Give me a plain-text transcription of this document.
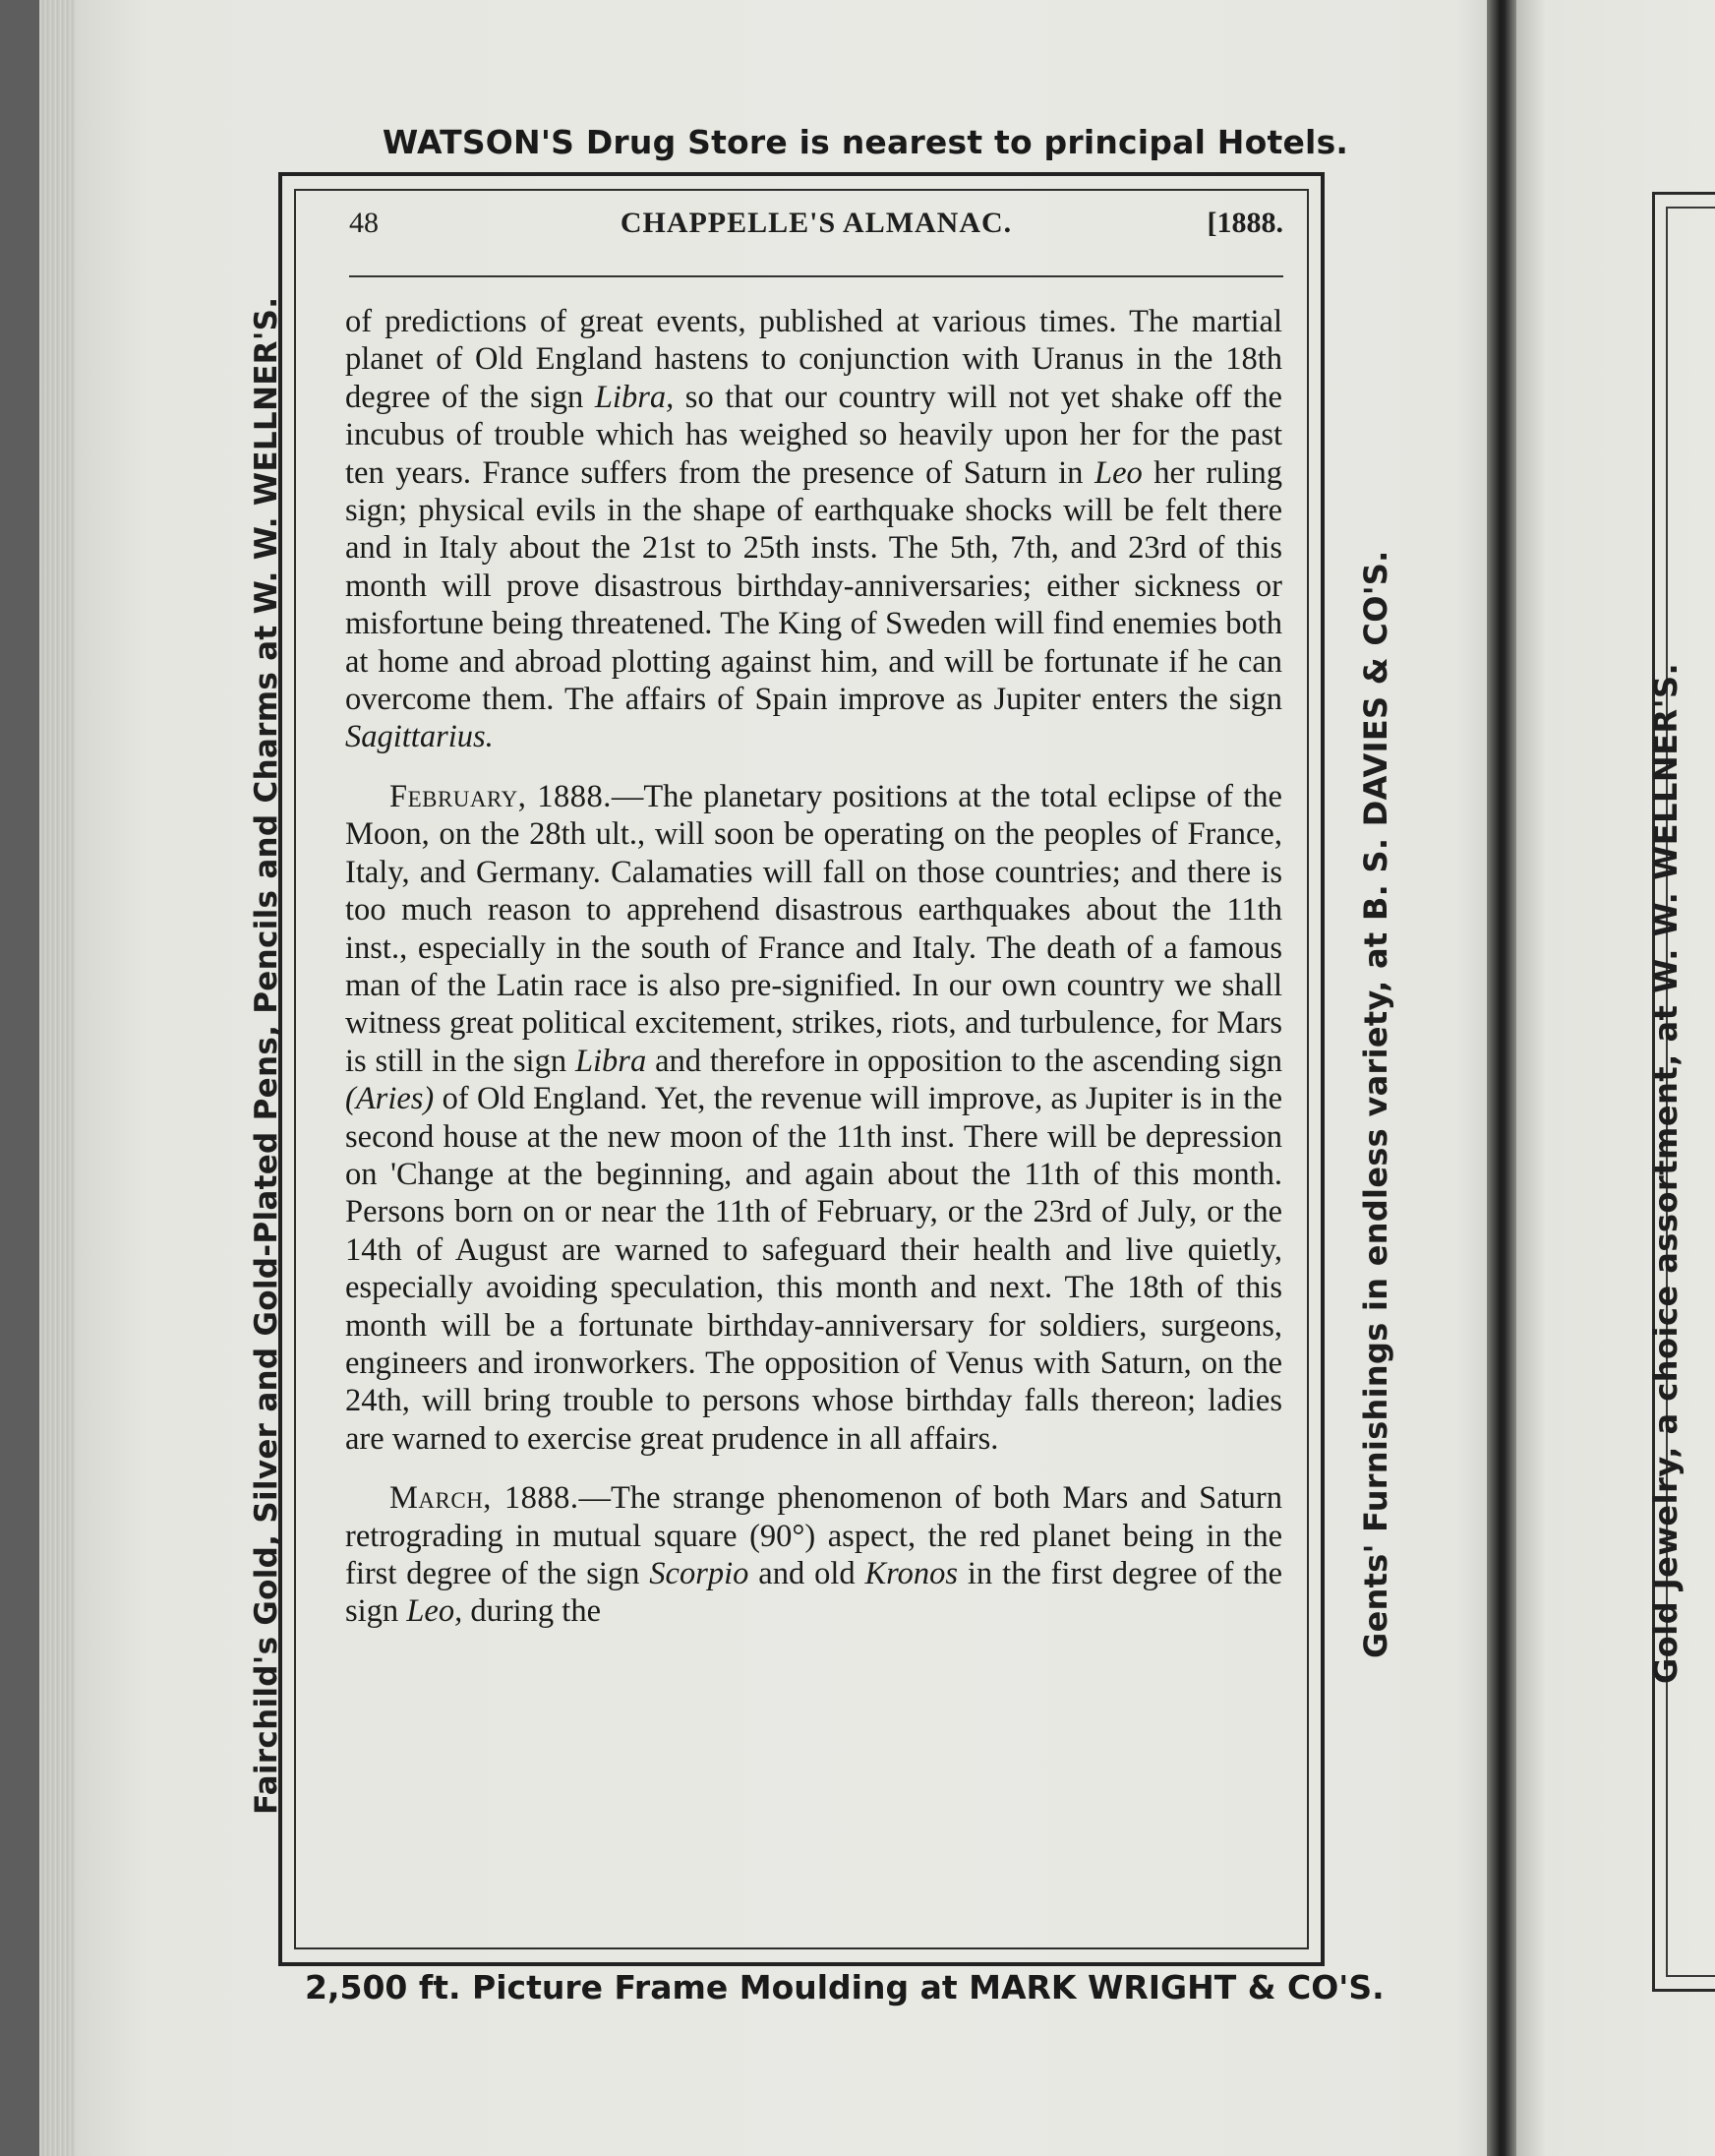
WATSON'S Drug Store is nearest to principal Hotels.
2,500 ft. Picture Frame Moulding at MARK WRIGHT & CO'S.
Fairchild's Gold, Silver and Gold-Plated Pens, Pencils and Charms at W. W. WELLNER'S.	Gents' Furnishings in endless variety, at B. S. DAVIES & CO'S.	Gold Jewelry, a choice assortment, at W. W. WELLNER'S.
CHAPPELLE'S ALMANAC.
48	[1888.

of predictions of great events, published at various times. The martial planet of Old England hastens to conjunction with Uranus in the 18th degree of the sign Libra, so that our country will not yet shake off the incubus of trouble which has weighed so heavily upon her for the past ten years. France suffers from the presence of Saturn in Leo her ruling sign; physical evils in the shape of earthquake shocks will be felt there and in Italy about the 21st to 25th insts. The 5th, 7th, and 23rd of this month will prove disastrous birthday-anniversaries; either sickness or misfortune being threatened. The King of Sweden will find enemies both at home and abroad plotting against him, and will be fortunate if he can overcome them. The affairs of Spain improve as Jupiter enters the sign Sagittarius.

February, 1888.—The planetary positions at the total eclipse of the Moon, on the 28th ult., will soon be operating on the peoples of France, Italy, and Germany. Calamaties will fall on those countries; and there is too much reason to apprehend disastrous earthquakes about the 11th inst., especially in the south of France and Italy. The death of a famous man of the Latin race is also pre-signified. In our own country we shall witness great political excitement, strikes, riots, and turbulence, for Mars is still in the sign Libra and therefore in opposition to the ascending sign (Aries) of Old England. Yet, the revenue will improve, as Jupiter is in the second house at the new moon of the 11th inst. There will be depression on 'Change at the beginning, and again about the 11th of this month. Persons born on or near the 11th of February, or the 23rd of July, or the 14th of August are warned to safeguard their health and live quietly, especially avoiding speculation, this month and next. The 18th of this month will be a fortunate birthday-anniversary for soldiers, surgeons, engineers and ironworkers. The opposition of Venus with Saturn, on the 24th, will bring trouble to persons whose birthday falls thereon; ladies are warned to exercise great prudence in all affairs.

March, 1888.—The strange phenomenon of both Mars and Saturn retrograding in mutual square (90°) aspect, the red planet being in the first degree of the sign Scorpio and old Kronos in the first degree of the sign Leo, during the
